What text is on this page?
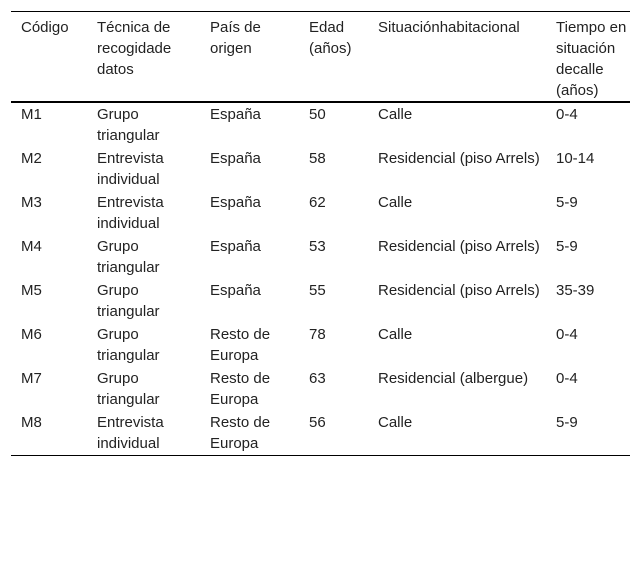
Código	Técnica de recogidade datos	País de origen	Edad (años)	Situaciónhabitacional	Tiempo en situación decalle (años)
M1	Grupo triangular	España	50	Calle	0-4
M2	Entrevista individual	España	58	Residencial (piso Arrels)	10-14
M3	Entrevista individual	España	62	Calle	5-9
M4	Grupo triangular	España	53	Residencial (piso Arrels)	5-9
M5	Grupo triangular	España	55	Residencial (piso Arrels)	35-39
M6	Grupo triangular	Resto de Europa	78	Calle	0-4
M7	Grupo triangular	Resto de Europa	63	Residencial (albergue)	0-4
M8	Entrevista individual	Resto de Europa	56	Calle	5-9
